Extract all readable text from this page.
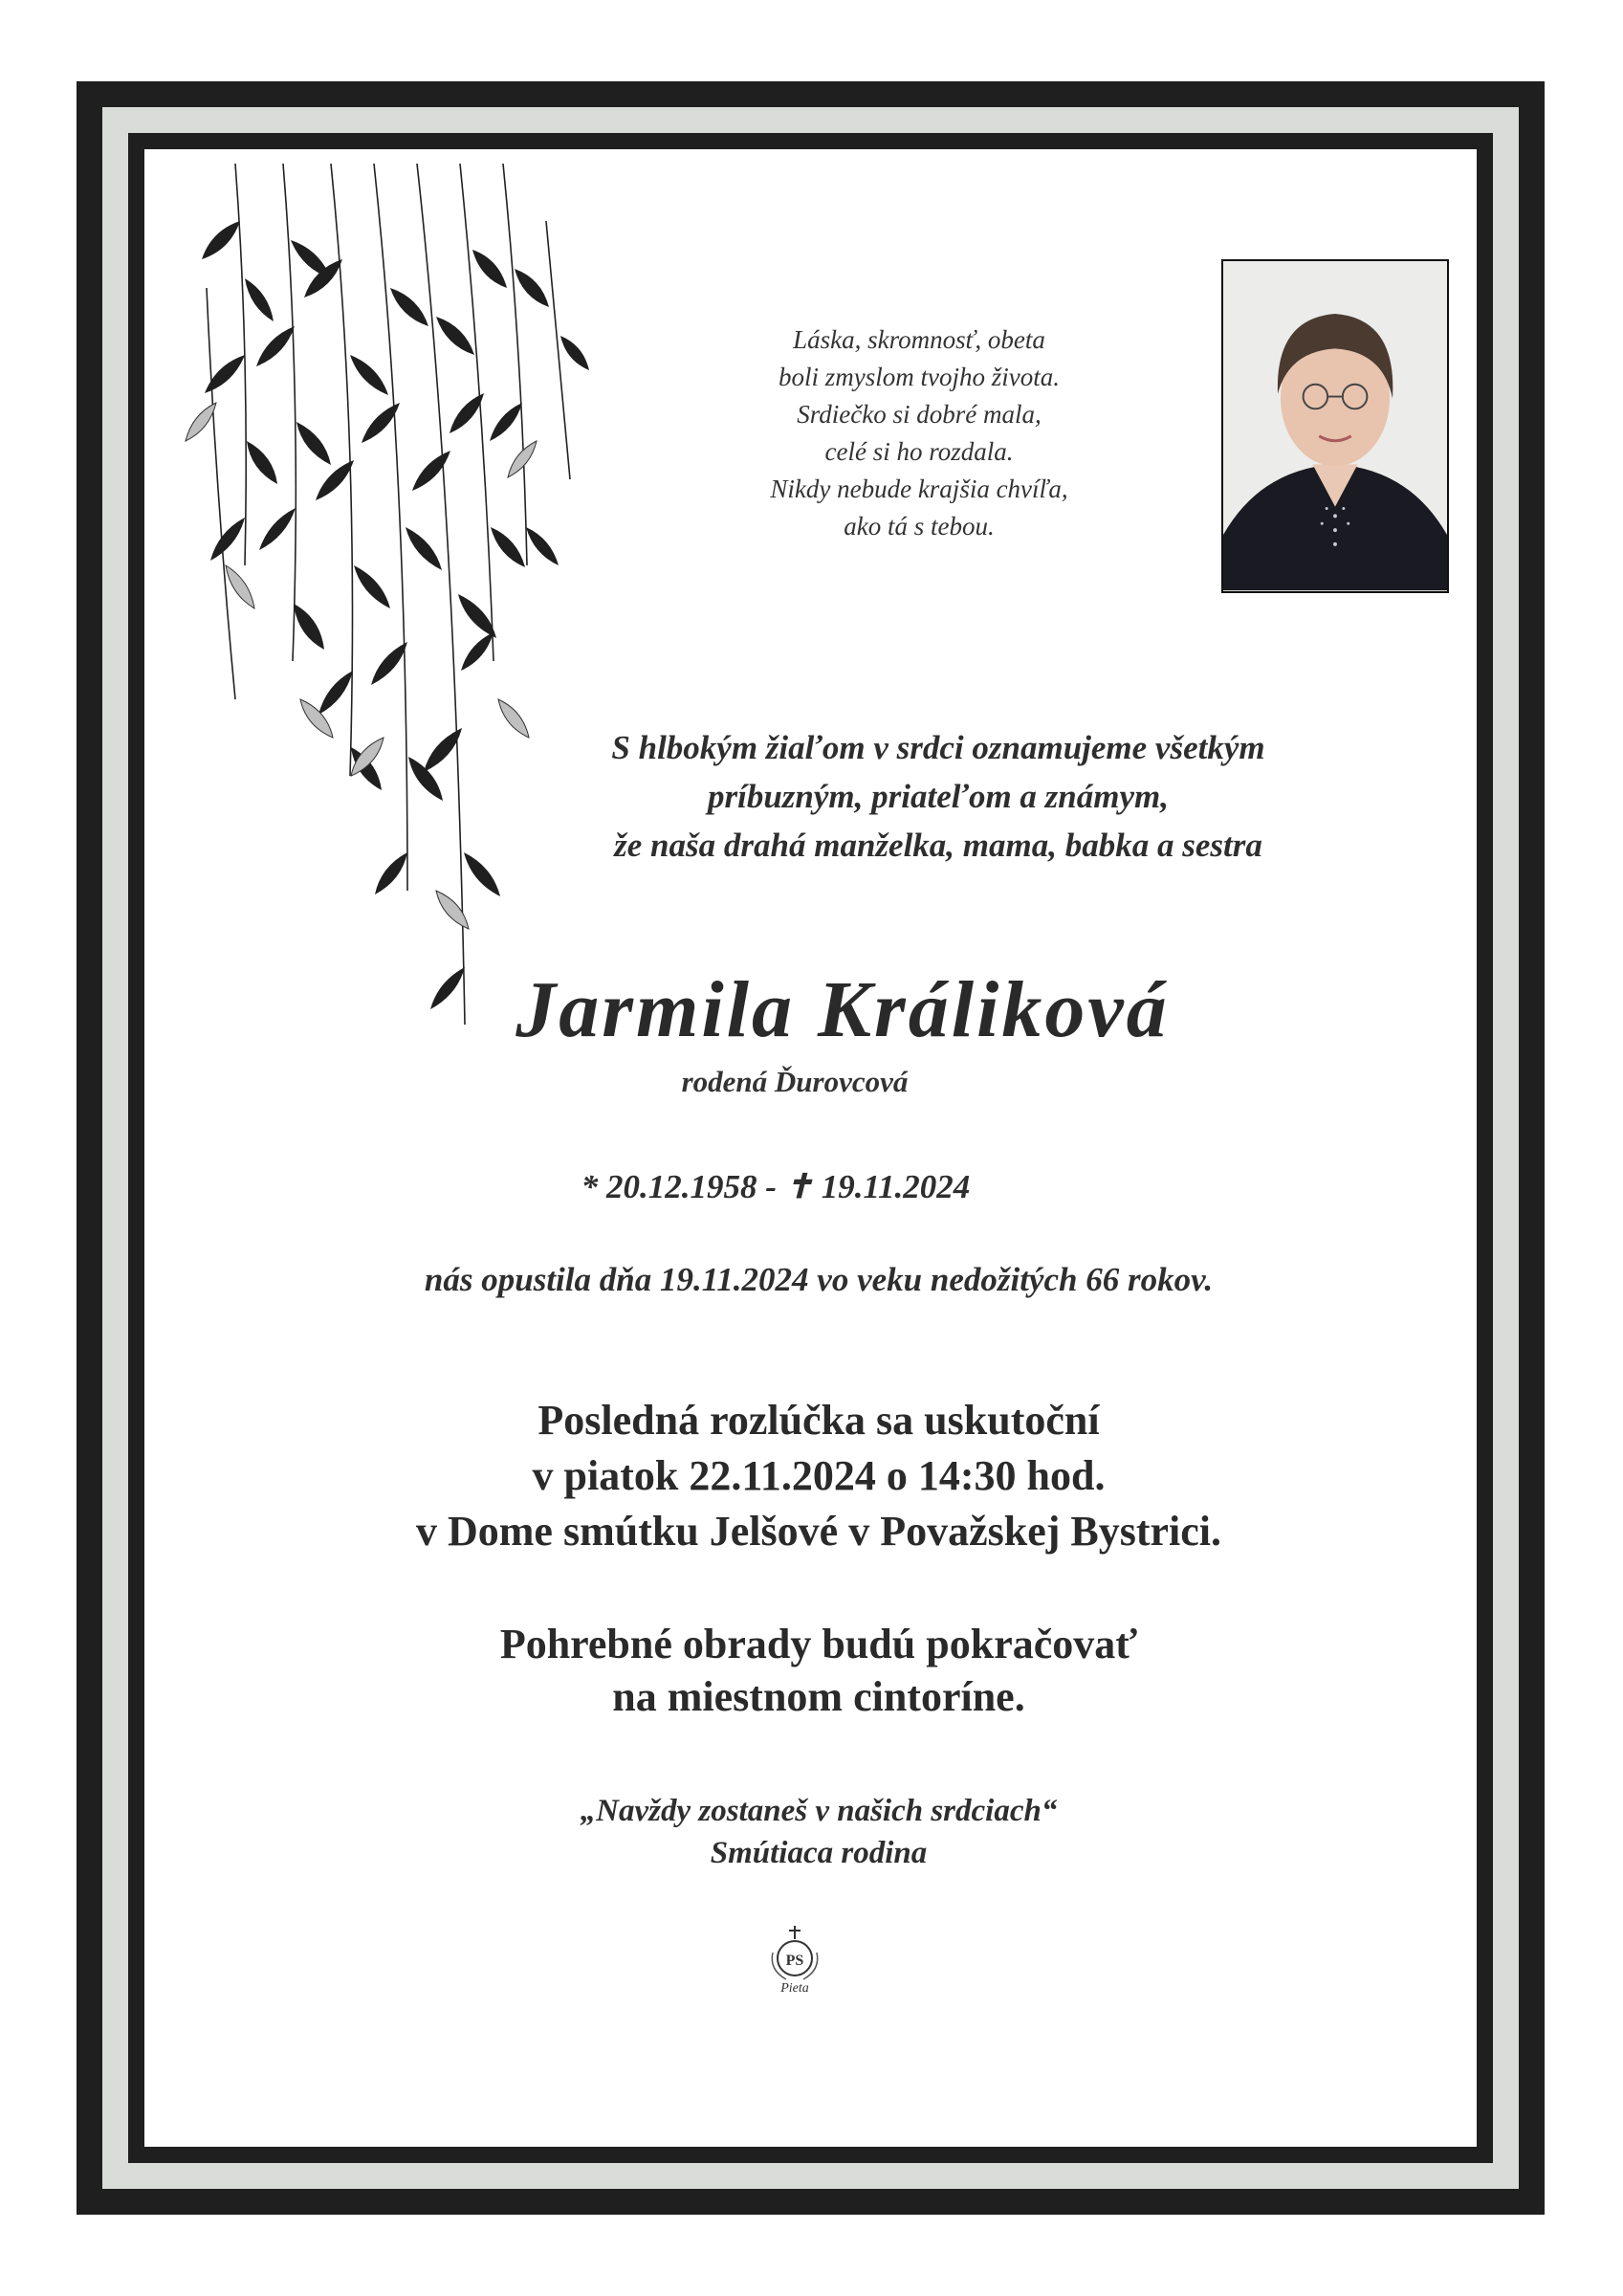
Láska, skromnosť, obeta
boli zmyslom tvojho života.
Srdiečko si dobré mala,
celé si ho rozdala.
Nikdy nebude krajšia chvíľa,
ako tá s tebou.
S hlbokým žiaľom v srdci oznamujeme všetkým
príbuzným, priateľom a známym,
že naša drahá manželka, mama, babka a sestra
Jarmila Králiková
rodená Ďurovcová
* 20.12.1958 - ✝ 19.11.2024
nás opustila dňa 19.11.2024 vo veku nedožitých 66 rokov.
Posledná rozlúčka sa uskutoční
v piatok 22.11.2024 o 14:30 hod.
v Dome smútku Jelšové v Považskej Bystrici.
Pohrebné obrady budú pokračovať
na miestnom cintoríne.
„Navždy zostaneš v našich srdciach“
Smútiaca rodina
PS
Pieta
